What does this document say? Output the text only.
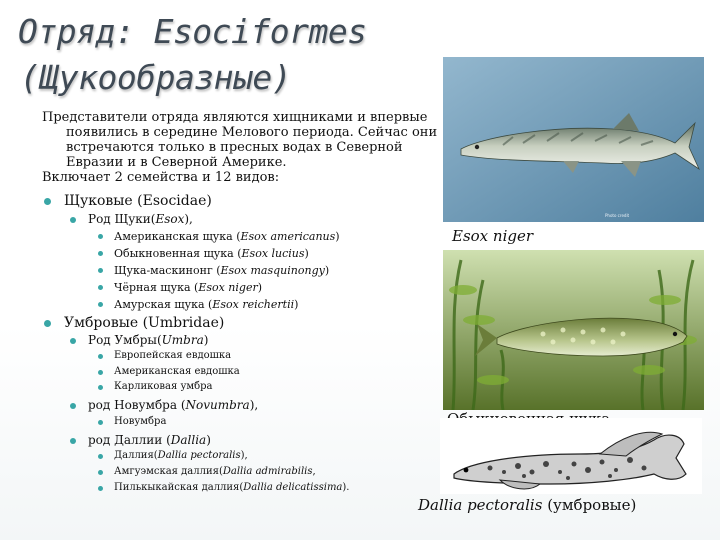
Отряд: Esociformes
(Щукообразные)

Представители отряда являются хищниками и впервые появились в середине Мелового периода. Сейчас они встречаются только в пресных водах в Северной Евразии и в Северной Америке.

Включает 2 семейства и 12 видов:

Щуковые (Esocidae)
Род Щуки(Esox),
Американская щука (Esox americanus)
Обыкновенная щука (Esox lucius)
Щука-маскинонг (Esox masquinongy)
Чёрная щука (Esox niger)
Амурская щука (Esox reichertii)
Умбровые (Umbridae)
Род Умбры(Umbra)
Европейская евдошка
Американская евдошка
Карликовая умбра
род Новумбра (Novumbra),
Новумбра
род Даллии (Dallia)
Даллия(Dallia pectoralis),
Амгуэмская даллия(Dallia admirabilis,
Пилькыкайская даллия(Dallia delicatissima).
Photo credit
Esox niger
Dallia pectoralis (умбровые)
